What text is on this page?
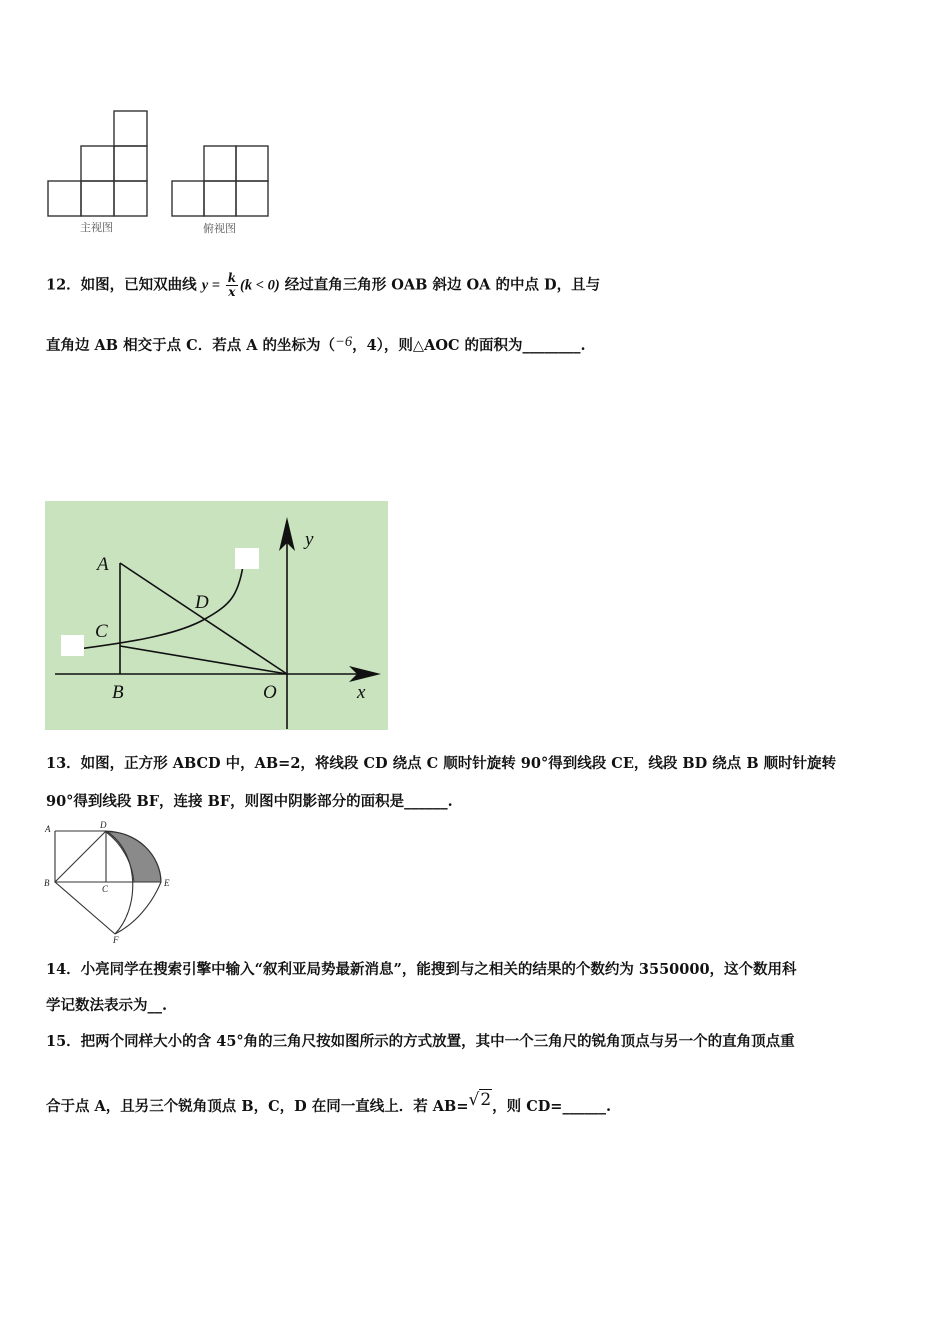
主视图	俯视图
12．如图，已知双曲线 $y = \frac{k}{x} (k < 0)$ 经过直角三角形 OAB 斜边 OA 的中点 D，且与
直角边 AB 相交于点 C．若点 A 的坐标为（−6，4），则△AOC 的面积为________.
A
C
D
B	O	x
y
13．如图，正方形 ABCD 中，AB=2，将线段 CD 绕点 C 顺时针旋转 90°得到线段 CE，线段 BD 绕点 B 顺时针旋转
90°得到线段 BF，连接 BF，则图中阴影部分的面积是______.
A	D
B
C
E
F
14．小亮同学在搜索引擎中输入“叙利亚局势最新消息”，能搜到与之相关的结果的个数约为 3550000，这个数用科
学记数法表示为__.
15．把两个同样大小的含 45°角的三角尺按如图所示的方式放置，其中一个三角尺的锐角顶点与另一个的直角顶点重
合于点 A，且另三个锐角顶点 B，C，D 在同一直线上．若 AB=√2，则 CD=______.
